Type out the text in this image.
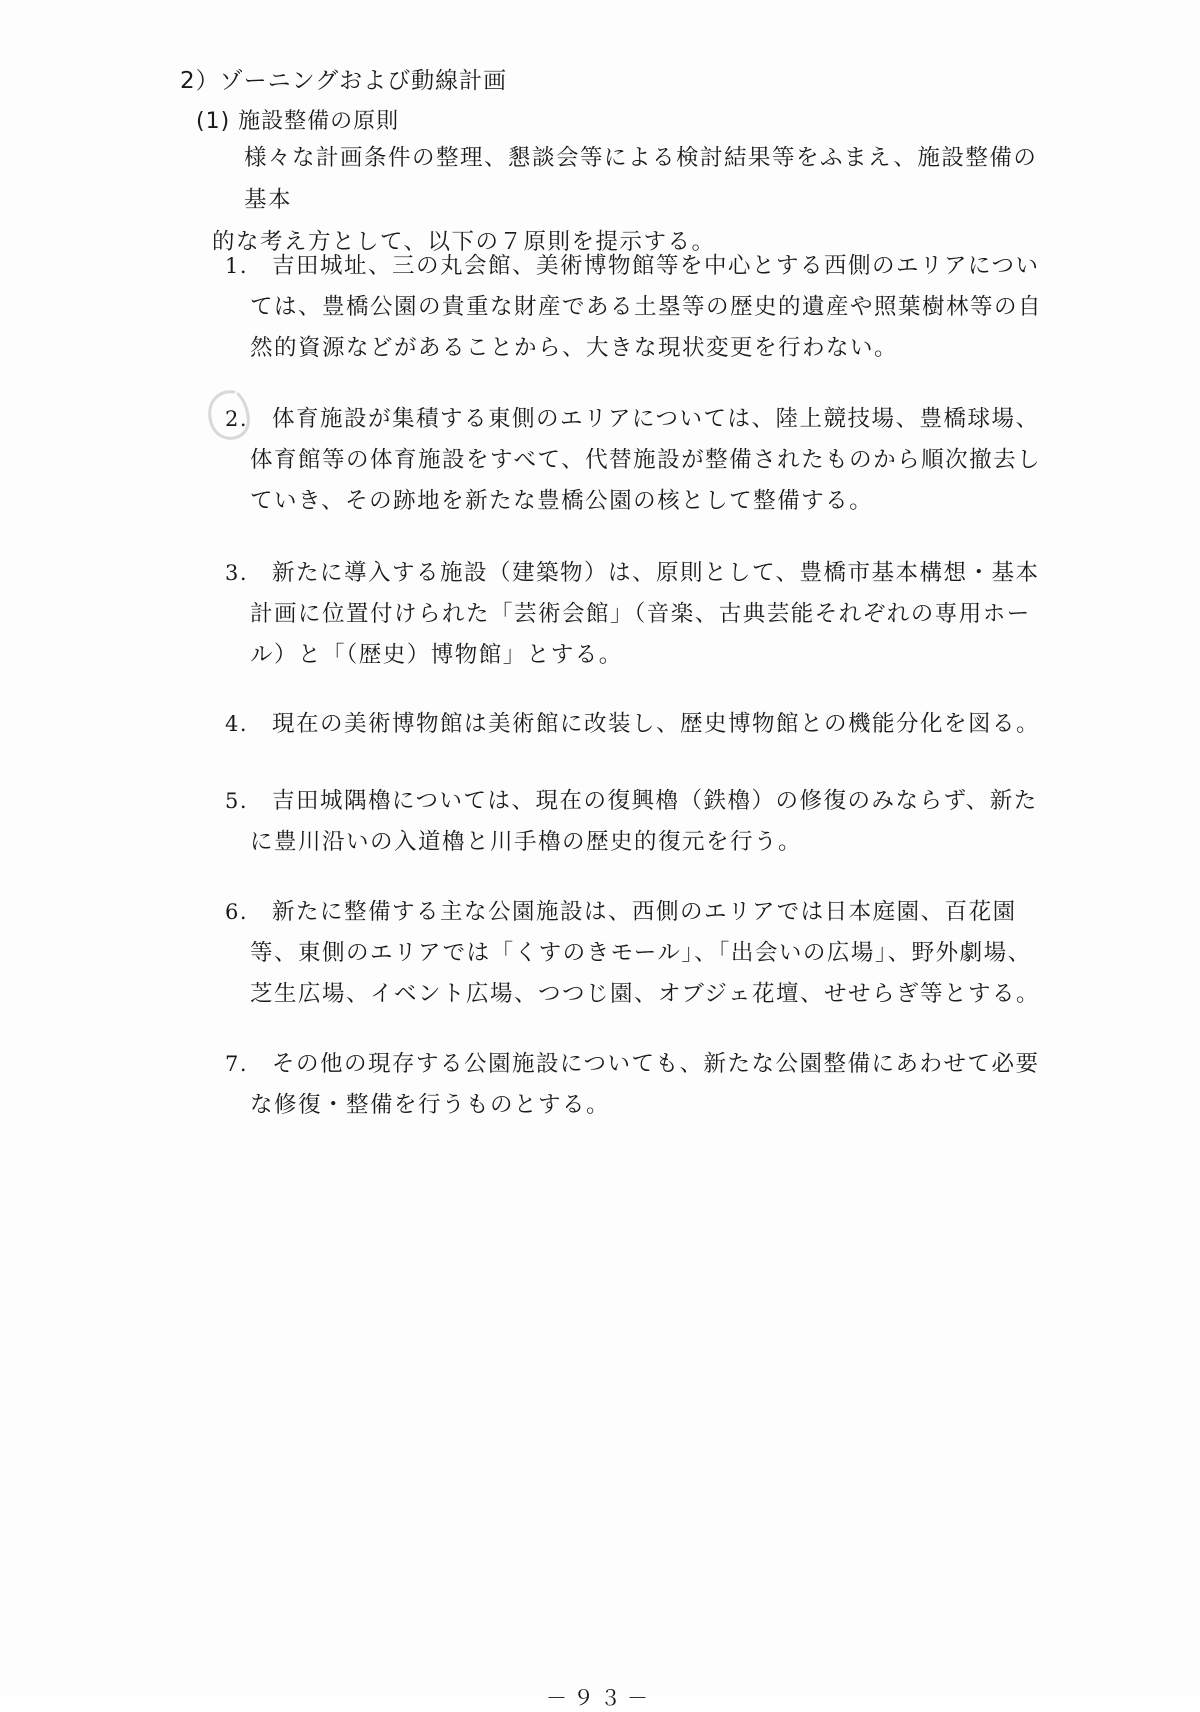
2）ゾーニングおよび動線計画
(1) 施設整備の原則
様々な計画条件の整理、懇談会等による検討結果等をふまえ、施設整備の基本
的な考え方として、以下の７原則を提示する。
1.	吉田城址、三の丸会館、美術博物館等を中心とする西側のエリアについては、豊橋公園の貴重な財産である土塁等の歴史的遺産や照葉樹林等の自然的資源などがあることから、大きな現状変更を行わない。
2.	体育施設が集積する東側のエリアについては、陸上競技場、豊橋球場、体育館等の体育施設をすべて、代替施設が整備されたものから順次撤去していき、その跡地を新たな豊橋公園の核として整備する。
3.	新たに導入する施設（建築物）は、原則として、豊橋市基本構想・基本計画に位置付けられた「芸術会館」（音楽、古典芸能それぞれの専用ホール）と「（歴史）博物館」とする。
4.	現在の美術博物館は美術館に改装し、歴史博物館との機能分化を図る。
5.	吉田城隅櫓については、現在の復興櫓（鉄櫓）の修復のみならず、新たに豊川沿いの入道櫓と川手櫓の歴史的復元を行う。
6.	新たに整備する主な公園施設は、西側のエリアでは日本庭園、百花園等、東側のエリアでは「くすのきモール」、「出会いの広場」、野外劇場、芝生広場、イベント広場、つつじ園、オブジェ花壇、せせらぎ等とする。
7.	その他の現存する公園施設についても、新たな公園整備にあわせて必要な修復・整備を行うものとする。
－９３－
